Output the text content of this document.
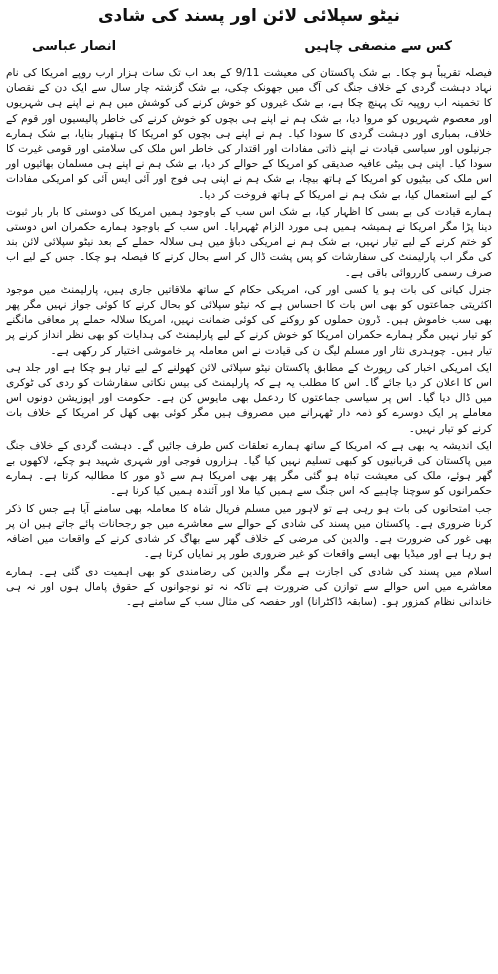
نیٹو سپلائی لائن اور پسند کی شادی
کس سے منصفی چاہیں
انصار عباسی

فیصلہ تقریباً ہو چکا۔ بے شک پاکستان کی معیشت 9/11 کے بعد اب تک سات ہزار ارب روپے امریکا کی نام نہاد دہشت گردی کے خلاف جنگ کی آگ میں جھونک چکی، بے شک گزشتہ چار سال سے ایک دن کے نقصان کا تخمینہ اب روپیہ تک پہنچ چکا ہے، بے شک غیروں کو خوش کرنے کی کوشش میں ہم نے اپنے ہی شہریوں اور معصوم شہریوں کو مروا دیا، بے شک ہم نے اپنے ہی بچوں کو خوش کرنے کی خاطر پالیسیوں اور قوم کے خلاف، بمباری اور دہشت گردی کا سودا کیا۔ ہم نے اپنے ہی بچوں کو امریکا کا ہتھیار بنایا، بے شک ہمارے جرنیلوں اور سیاسی قیادت نے اپنے ذاتی مفادات اور اقتدار کی خاطر اس ملک کی سلامتی اور قومی غیرت کا سودا کیا۔ اپنی ہی بیٹی عافیہ صدیقی کو امریکا کے حوالے کر دیا، بے شک ہم نے اپنے ہی مسلمان بھائیوں اور اس ملک کی بیٹیوں کو امریکا کے ہاتھ بیچا، بے شک ہم نے اپنی ہی فوج اور آئی ایس آئی کو امریکی مفادات کے لیے استعمال کیا، بے شک ہم نے امریکا کے ہاتھ فروخت کر دیا۔

ہمارے قیادت کی بے بسی کا اظہار کیا، بے شک اس سب کے باوجود ہمیں امریکا کی دوستی کا بار بار ثبوت دینا پڑا مگر امریکا نے ہمیشہ ہمیں ہی مورد الزام ٹھہرایا۔ اس سب کے باوجود ہمارے حکمران اس دوستی کو ختم کرنے کے لیے تیار نہیں، بے شک ہم نے امریکی دباؤ میں ہی سلالہ حملے کے بعد نیٹو سپلائی لائن بند کی مگر اب پارلیمنٹ کی سفارشات کو پس پشت ڈال کر اسے بحال کرنے کا فیصلہ ہو چکا۔ جس کے لیے اب صرف رسمی کارروائی باقی ہے۔

جنرل کیانی کی بات ہو یا کسی اور کی، امریکی حکام کے ساتھ ملاقاتیں جاری ہیں، پارلیمنٹ میں موجود اکثریتی جماعتوں کو بھی اس بات کا احساس ہے کہ نیٹو سپلائی کو بحال کرنے کا کوئی جواز نہیں مگر پھر بھی سب خاموش ہیں۔ ڈرون حملوں کو روکنے کی کوئی ضمانت نہیں، امریکا سلالہ حملے پر معافی مانگنے کو تیار نہیں مگر ہمارے حکمران امریکا کو خوش کرنے کے لیے پارلیمنٹ کی ہدایات کو بھی نظر انداز کرنے پر تیار ہیں۔ چوہدری نثار اور مسلم لیگ ن کی قیادت نے اس معاملہ پر خاموشی اختیار کر رکھی ہے۔

ایک امریکی اخبار کی رپورٹ کے مطابق پاکستان نیٹو سپلائی لائن کھولنے کے لیے تیار ہو چکا ہے اور جلد ہی اس کا اعلان کر دیا جائے گا۔ اس کا مطلب یہ ہے کہ پارلیمنٹ کی بیس نکاتی سفارشات کو ردی کی ٹوکری میں ڈال دیا گیا۔ اس پر سیاسی جماعتوں کا ردعمل بھی مایوس کن ہے۔ حکومت اور اپوزیشن دونوں اس معاملے پر ایک دوسرے کو ذمہ دار ٹھہرانے میں مصروف ہیں مگر کوئی بھی کھل کر امریکا کے خلاف بات کرنے کو تیار نہیں۔

ایک اندیشہ یہ بھی ہے کہ امریکا کے ساتھ ہمارے تعلقات کس طرف جائیں گے۔ دہشت گردی کے خلاف جنگ میں پاکستان کی قربانیوں کو کبھی تسلیم نہیں کیا گیا۔ ہزاروں فوجی اور شہری شہید ہو چکے، لاکھوں بے گھر ہوئے، ملک کی معیشت تباہ ہو گئی مگر پھر بھی امریکا ہم سے ڈو مور کا مطالبہ کرتا ہے۔ ہمارے حکمرانوں کو سوچنا چاہیے کہ اس جنگ سے ہمیں کیا ملا اور آئندہ ہمیں کیا کرنا ہے۔

جب امتحانوں کی بات ہو رہی ہے تو لاہور میں مسلم فریال شاہ کا معاملہ بھی سامنے آیا ہے جس کا ذکر کرنا ضروری ہے۔ پاکستان میں پسند کی شادی کے حوالے سے معاشرے میں جو رجحانات پائے جاتے ہیں ان پر بھی غور کی ضرورت ہے۔ والدین کی مرضی کے خلاف گھر سے بھاگ کر شادی کرنے کے واقعات میں اضافہ ہو رہا ہے اور میڈیا بھی ایسے واقعات کو غیر ضروری طور پر نمایاں کرتا ہے۔

اسلام میں پسند کی شادی کی اجازت ہے مگر والدین کی رضامندی کو بھی اہمیت دی گئی ہے۔ ہمارے معاشرے میں اس حوالے سے توازن کی ضرورت ہے تاکہ نہ تو نوجوانوں کے حقوق پامال ہوں اور نہ ہی خاندانی نظام کمزور ہو۔ (سابقہ ڈاکٹرانا) اور حفصہ کی مثال سب کے سامنے ہے۔
